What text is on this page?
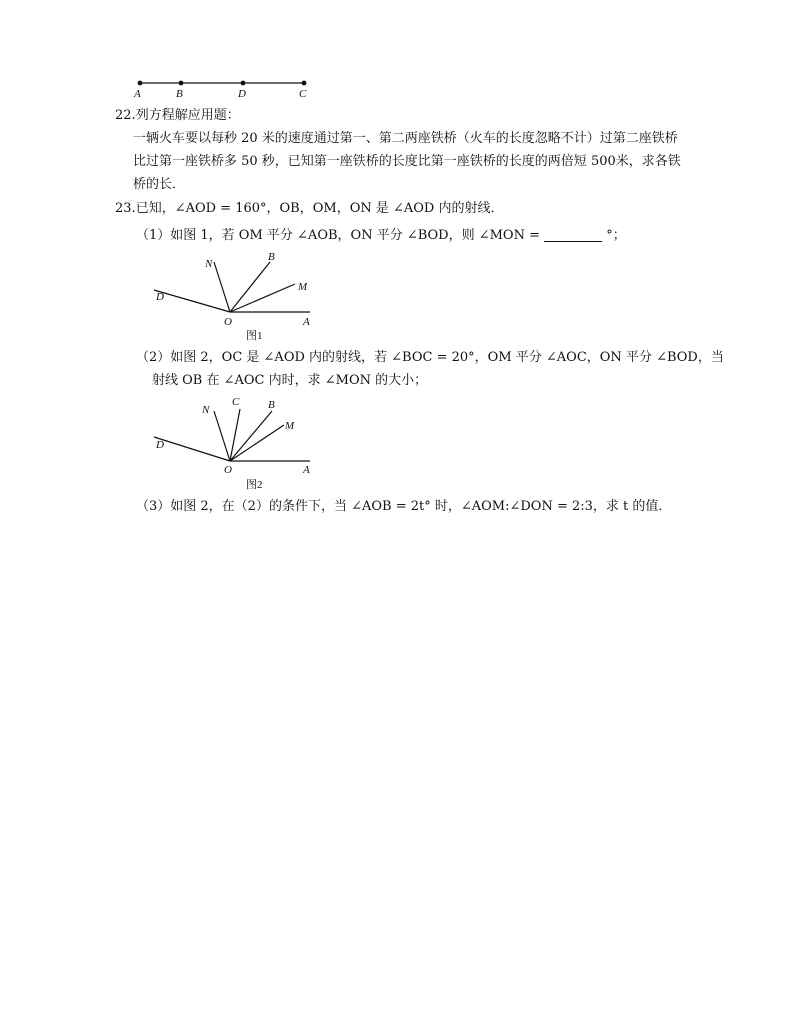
A	B	D	C
22.列方程解应用题：
一辆火车要以每秒 20 米的速度通过第一、第二两座铁桥（火车的长度忽略不计）过第二座铁桥
比过第一座铁桥多 50 秒，已知第一座铁桥的长度比第一座铁桥的长度的两倍短 500米，求各铁
桥的长．
23.已知，∠AOD = 160°，OB，OM，ON 是 ∠AOD 内的射线．
（1）如图 1，若 OM 平分 ∠AOB，ON 平分 ∠BOD，则 ∠MON =	°；
N
B
M
D
O	A
图1
（2）如图 2，OC 是 ∠AOD 内的射线，若 ∠BOC = 20°，OM 平分 ∠AOC，ON 平分 ∠BOD，当
射线 OB 在 ∠AOC 内时，求 ∠MON 的大小；
N
C	B
M
D
O	A
图2
（3）如图 2，在（2）的条件下，当 ∠AOB = 2t° 时，∠AOM:∠DON = 2:3，求 t 的值．
